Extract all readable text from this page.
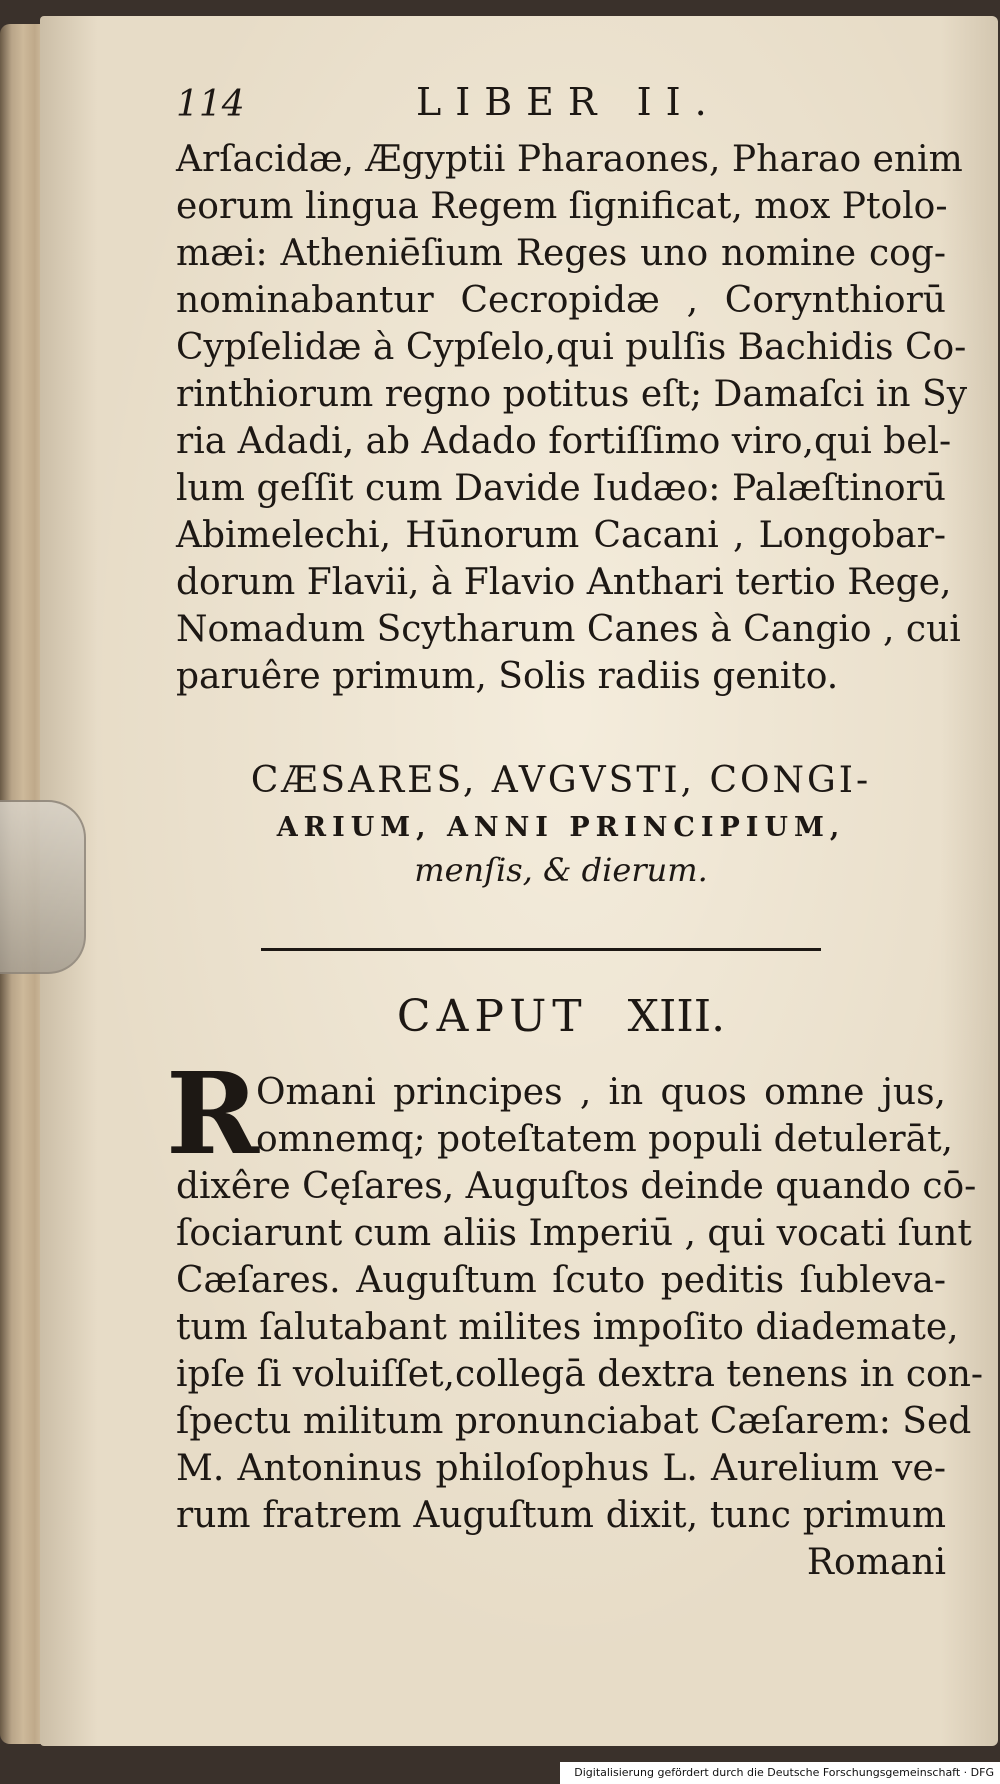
114	LIBER II.
Arſacidæ, Ægyptii Pharaones, Pharao enim
eorum lingua Regem ſignificat, mox Ptolo-
mæi: Atheniēſium Reges uno nomine cog-
nominabantur Cecropidæ , Corynthiorū
Cypſelidæ à Cypſelo,qui pulſis Bachidis Co-
rinthiorum regno potitus eſt; Damaſci in Sy
ria Adadi, ab Adado fortiſſimo viro,qui bel-
lum geſſit cum Davide Iudæo: Palæſtinorū
Abimelechi, Hūnorum Cacani , Longobar-
dorum Flavii, à Flavio Anthari tertio Rege,
Nomadum Scytharum Canes à Cangio , cui
paruêre primum, Solis radiis genito.
CÆSARES, AVGVSTI, CONGI-
ARIUM, ANNI PRINCIPIUM,
menſis, & dierum.
CAPUT XIII.
R
Omani principes , in quos omne jus,
omnemq; poteſtatem populi detulerāt,
dixêre Cęſares, Auguſtos deinde quando cō-
ſociarunt cum aliis Imperiū , qui vocati ſunt
Cæſares. Auguſtum ſcuto peditis ſubleva-
tum ſalutabant milites impoſito diademate,
ipſe ſi voluiſſet,collegā dextra tenens in con-
ſpectu militum pronunciabat Cæſarem: Sed
M. Antoninus philoſophus L. Aurelium ve-
rum fratrem Auguſtum dixit, tunc primum
Romani
Digitalisierung gefördert durch die Deutsche Forschungsgemeinschaft · DFG
